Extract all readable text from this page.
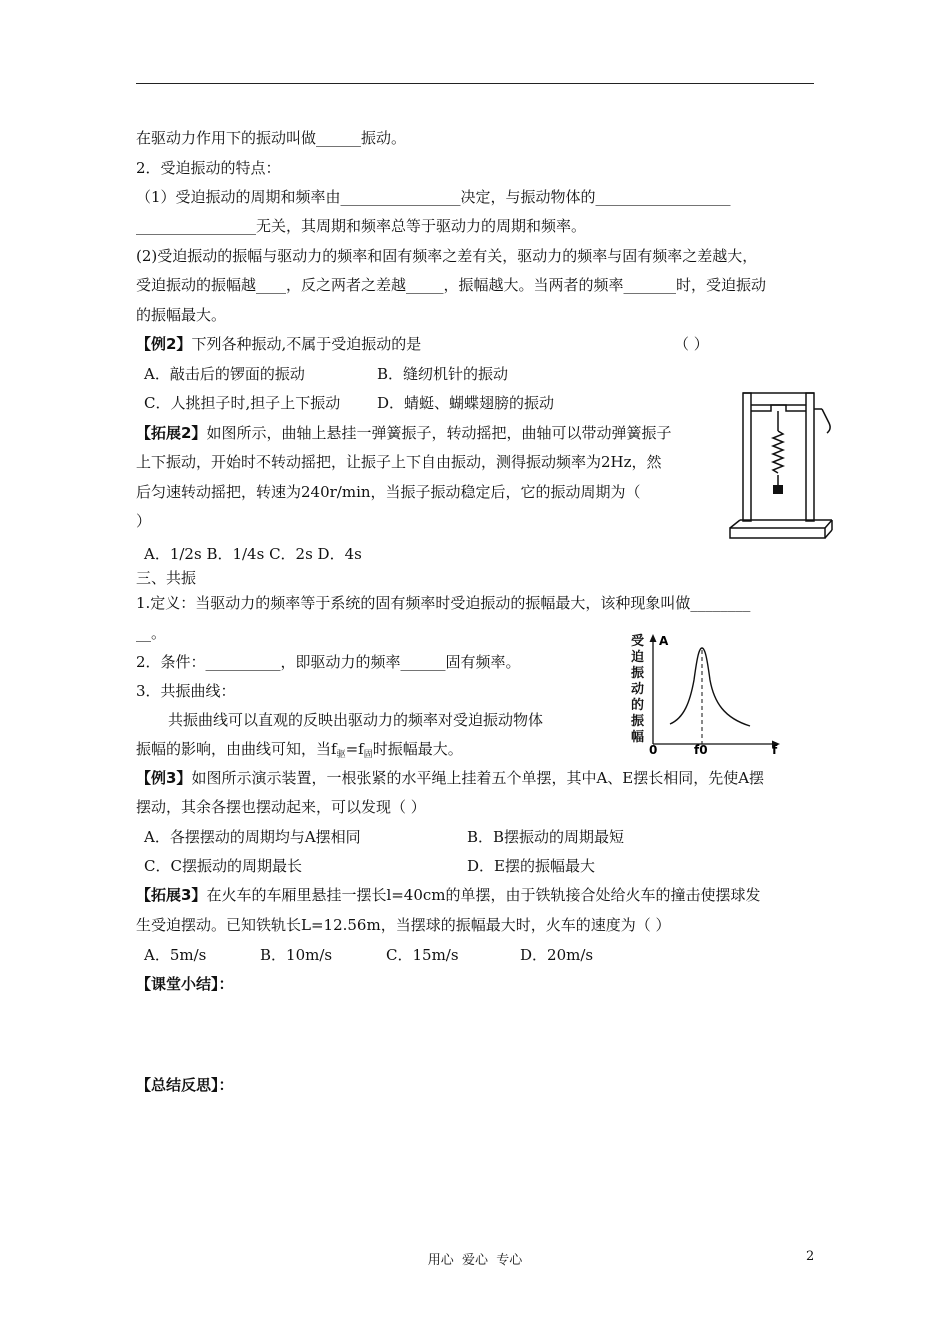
在驱动力作用下的振动叫做______振动。
2．受迫振动的特点：
（1）受迫振动的周期和频率由________________决定，与振动物体的__________________
________________无关，其周期和频率总等于驱动力的周期和频率。
(2)受迫振动的振幅与驱动力的频率和固有频率之差有关，驱动力的频率与固有频率之差越大，
受迫振动的振幅越____，反之两者之差越_____，振幅越大。当两者的频率_______时，受迫振动
的振幅最大。
【例2】下列各种振动,不属于受迫振动的是	（ ）
A．敲击后的锣面的振动	B．缝纫机针的振动
C．人挑担子时,担子上下振动 D．蜻蜓、蝴蝶翅膀的振动
【拓展2】如图所示，曲轴上悬挂一弹簧振子，转动摇把，曲轴可以带动弹簧振子
上下振动，开始时不转动摇把，让振子上下自由振动，测得振动频率为2Hz，然
后匀速转动摇把，转速为240r/min，当振子振动稳定后，它的振动周期为（
）
A．1/2s B．1/4s C．2s D．4s
三、共振
1.定义：当驱动力的频率等于系统的固有频率时受迫振动的振幅最大，该种现象叫做________
__。
2．条件：__________，即驱动力的频率______固有频率。
3．共振曲线：
共振曲线可以直观的反映出驱动力的频率对受迫振动物体
振幅的影响，由曲线可知，当$f_驱=f_固$时振幅最大。
受
迫
振
动
的
振
幅
A
f
0	f0
【例3】如图所示演示装置，一根张紧的水平绳上挂着五个单摆，其中A、E摆长相同，先使A摆
摆动，其余各摆也摆动起来，可以发现（ ）
A．各摆摆动的周期均与A摆相同	B．B摆振动的周期最短
C．C摆振动的周期最长	D．E摆的振幅最大
【拓展3】在火车的车厢里悬挂一摆长l=40cm的单摆，由于铁轨接合处给火车的撞击使摆球发
生受迫摆动。已知铁轨长L=12.56m，当摆球的振幅最大时，火车的速度为（ ）
A．5m/s	B．10m/s	C．15m/s	D．20m/s
【课堂小结】：
【总结反思】：
用心  爱心  专心	2
